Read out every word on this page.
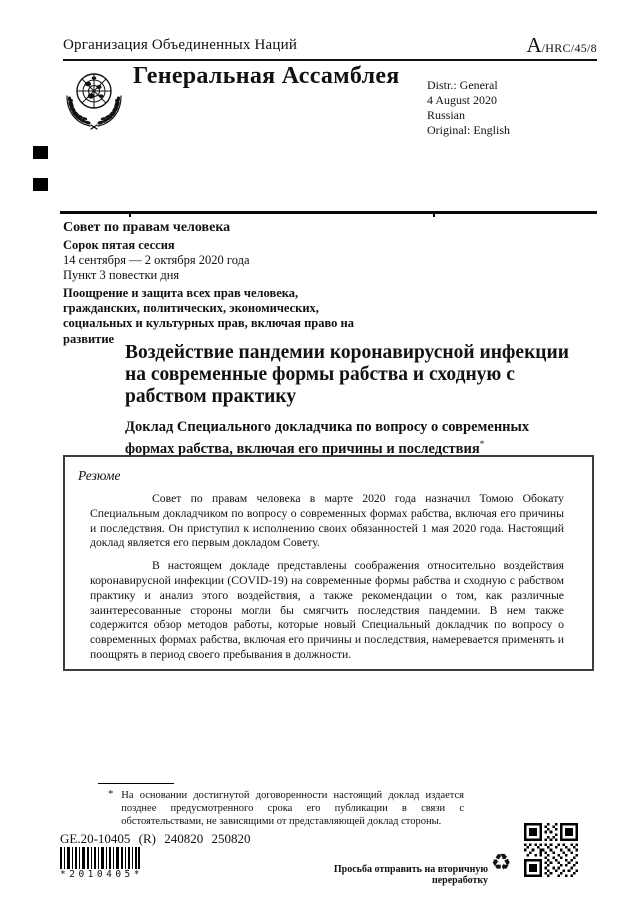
Организация Объединенных Наций	A/HRC/45/8
Генеральная Ассамблея Distr.: General
4 August 2020
Russian
Original: English

Совет по правам человека

Сорок пятая сессия

14 сентября — 2 октября 2020 года

Пункт 3 повестки дня

Поощрение и защита всех прав человека, гражданских, политических, экономических, социальных и культурных прав, включая право на развитие

Воздействие пандемии коронавирусной инфекции на современные формы рабства и сходную с рабством практику
Доклад Специального докладчика по вопросу о современных формах рабства, включая его причины и последствия*
Резюме

Совет по правам человека в марте 2020 года назначил Томою Обокату Специальным докладчиком по вопросу о современных формах рабства, включая его причины и последствия. Он приступил к исполнению своих обязанностей 1 мая 2020 года. Настоящий доклад является его первым докладом Совету.

В настоящем докладе представлены соображения относительно воздействия коронавирусной инфекции (COVID-19) на современные формы рабства и сходную с рабством практику и анализ этого воздействия, а также рекомендации о том, как различные заинтересованные стороны могли бы смягчить последствия пандемии. В нем также содержится обзор методов работы, которые новый Специальный докладчик по вопросу о современных формах рабства, включая его причины и последствия, намеревается применять и поощрять в период своего пребывания в должности.

* На основании достигнутой договоренности настоящий доклад издается позднее предусмотренного срока его публикации в связи с обстоятельствами, не зависящими от представляющей доклад стороны.
GE.20-10405 (R) 240820 250820
*2010405*	Просьба отправить на вторичную переработку
♻
